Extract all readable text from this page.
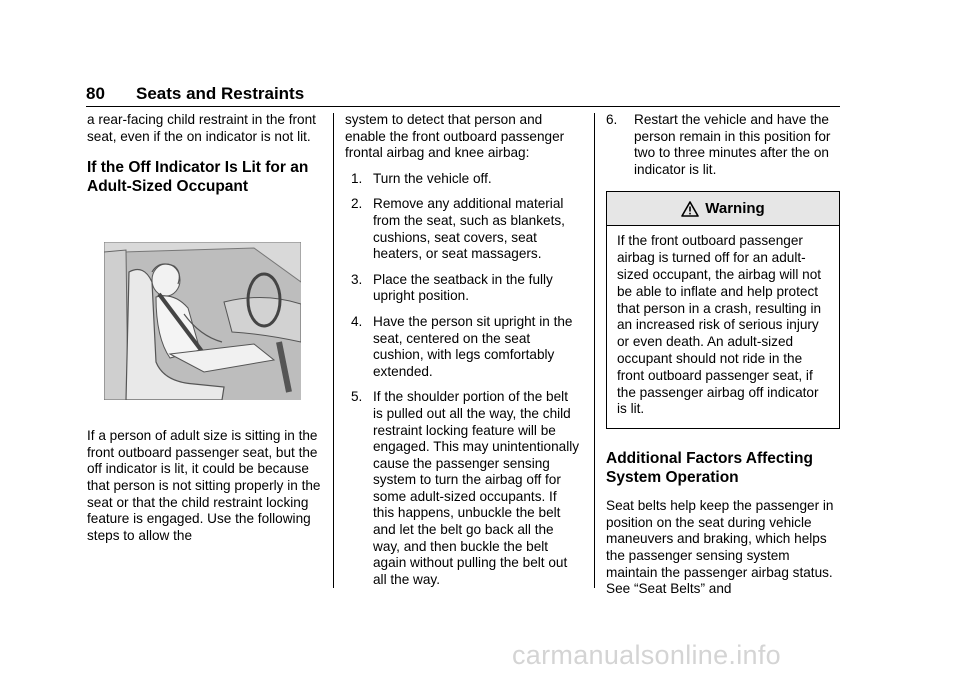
80 Seats and Restraints

a rear-facing child restraint in the front seat, even if the on indicator is not lit.

If the Off Indicator Is Lit for an
Adult-Sized Occupant

If a person of adult size is sitting in the front outboard passenger seat, but the off indicator is lit, it could be because that person is not sitting properly in the seat or that the child restraint locking feature is engaged. Use the following steps to allow the

system to detect that person and enable the front outboard passenger frontal airbag and knee airbag:

1. Turn the vehicle off.
2. Remove any additional material from the seat, such as blankets, cushions, seat covers, seat heaters, or seat massagers.
3. Place the seatback in the fully upright position.
4. Have the person sit upright in the seat, centered on the seat cushion, with legs comfortably extended.
5. If the shoulder portion of the belt is pulled out all the way, the child restraint locking feature will be engaged. This may unintentionally cause the passenger sensing system to turn the airbag off for some adult-sized occupants. If this happens, unbuckle the belt and let the belt go back all the way, and then buckle the belt again without pulling the belt out all the way.
6. Restart the vehicle and have the person remain in this position for two to three minutes after the on indicator is lit.
Warning
If the front outboard passenger airbag is turned off for an adult-sized occupant, the airbag will not be able to inflate and help protect that person in a crash, resulting in an increased risk of serious injury or even death. An adult-sized occupant should not ride in the front outboard passenger seat, if the passenger airbag off indicator is lit.
Additional Factors Affecting
System Operation

Seat belts help keep the passenger in position on the seat during vehicle maneuvers and braking, which helps the passenger sensing system maintain the passenger airbag status. See “Seat Belts” and

carmanualsonline.info
